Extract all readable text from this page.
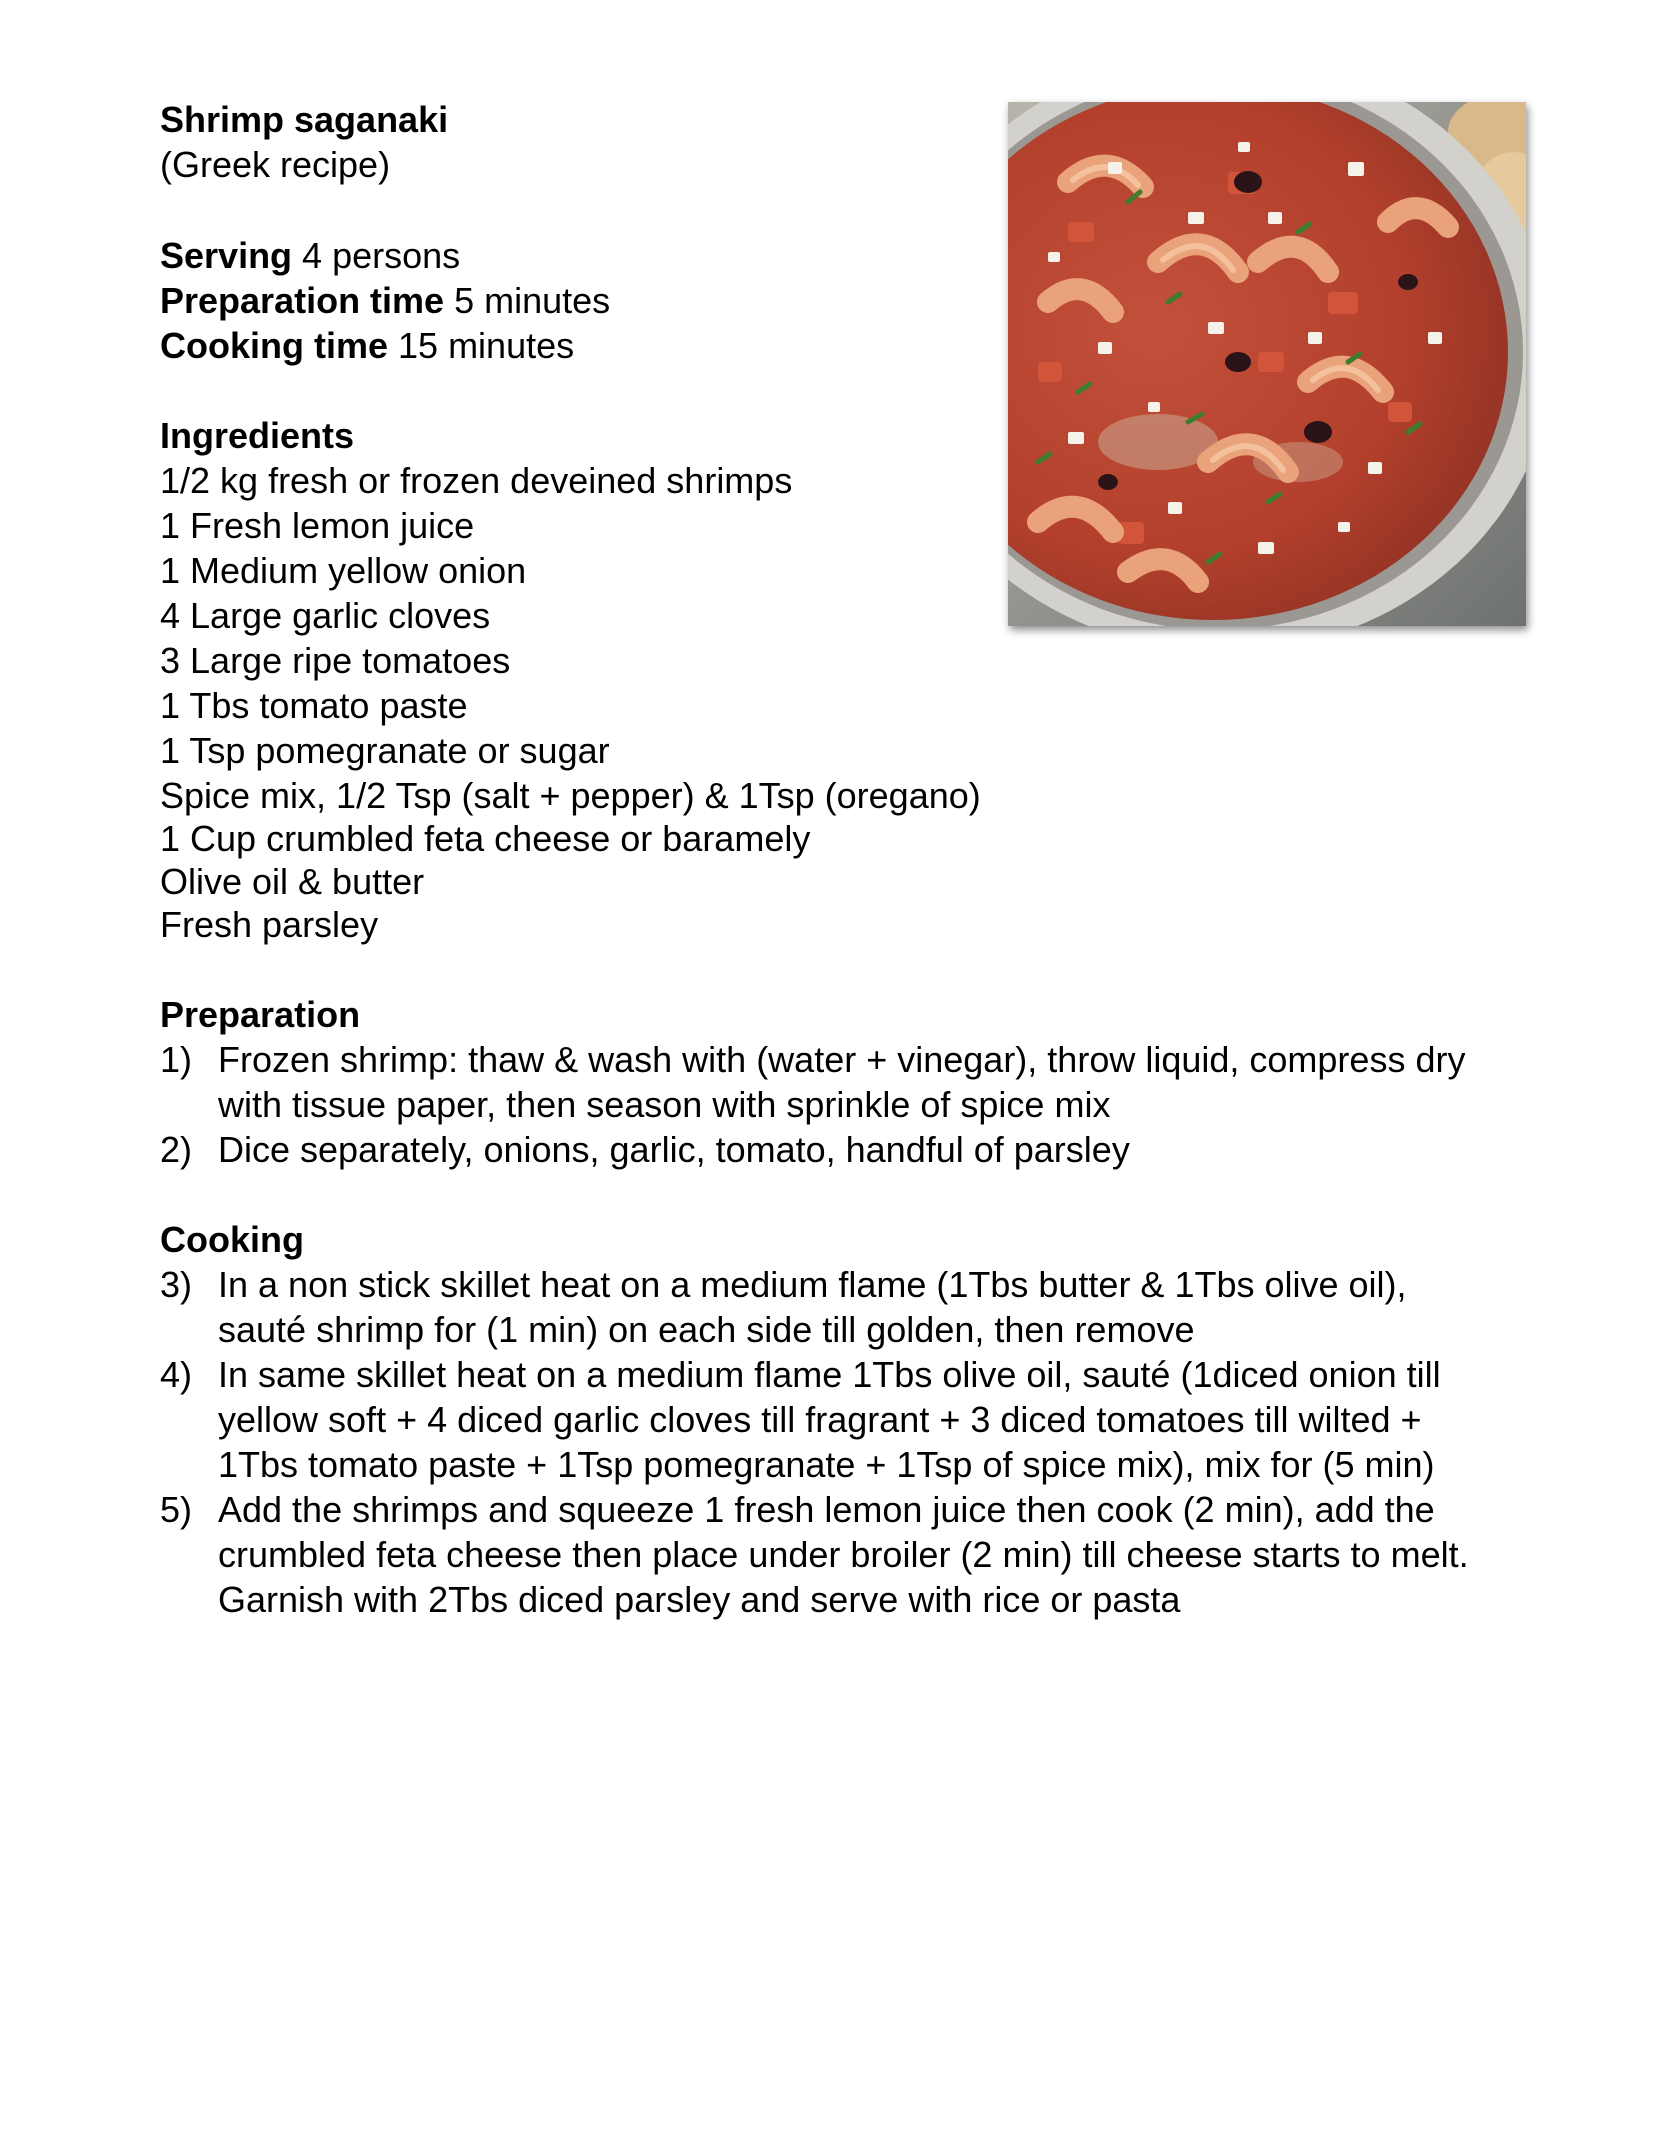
Shrimp saganaki
(Greek recipe)
Serving 4 persons
Preparation time 5 minutes
Cooking time 15 minutes
Ingredients
1/2 kg fresh or frozen deveined shrimps
1 Fresh lemon juice
1 Medium yellow onion
4 Large garlic cloves
3 Large ripe tomatoes
1 Tbs tomato paste
1 Tsp pomegranate or sugar
Spice mix, 1/2 Tsp (salt + pepper) & 1Tsp (oregano)
1 Cup crumbled feta cheese or baramely
Olive oil & butter
Fresh parsley
Preparation
1) Frozen shrimp: thaw & wash with (water + vinegar), throw liquid, compress dry
with tissue paper, then season with sprinkle of spice mix
2) Dice separately, onions, garlic, tomato, handful of parsley
Cooking
3) In a non stick skillet heat on a medium flame (1Tbs butter & 1Tbs olive oil),
sauté shrimp for (1 min) on each side till golden, then remove
4) In same skillet heat on a medium flame 1Tbs olive oil, sauté (1diced onion till
yellow soft + 4 diced garlic cloves till fragrant + 3 diced tomatoes till wilted +
1Tbs tomato paste + 1Tsp pomegranate + 1Tsp of spice mix), mix for (5 min)
5) Add the shrimps and squeeze 1 fresh lemon juice then cook (2 min), add the
crumbled feta cheese then place under broiler (2 min) till cheese starts to melt.
Garnish with 2Tbs diced parsley and serve with rice or pasta
